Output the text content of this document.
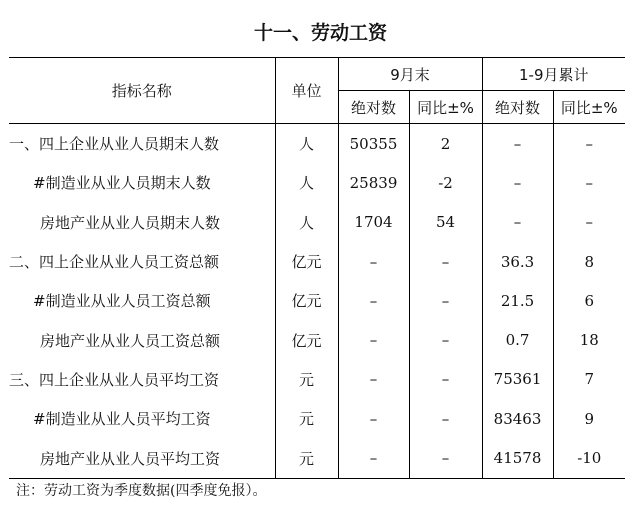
十一、劳动工资
指标名称	单位	9月末		1-9月累计	
		绝对数	同比±%	绝对数	同比±%
一、四上企业从业人员期末人数	人	50355	2	–	–
#制造业从业人员期末人数	人	25839	-2	–	–
房地产业从业人员期末人数	人	1704	54	–	–
二、四上企业从业人员工资总额	亿元	–	–	36.3	8
#制造业从业人员工资总额	亿元	–	–	21.5	6
房地产业从业人员工资总额	亿元	–	–	0.7	18
三、四上企业从业人员平均工资	元	–	–	75361	7
#制造业从业人员平均工资	元	–	–	83463	9
房地产业从业人员平均工资	元	–	–	41578	-10
注：劳动工资为季度数据(四季度免报）。
